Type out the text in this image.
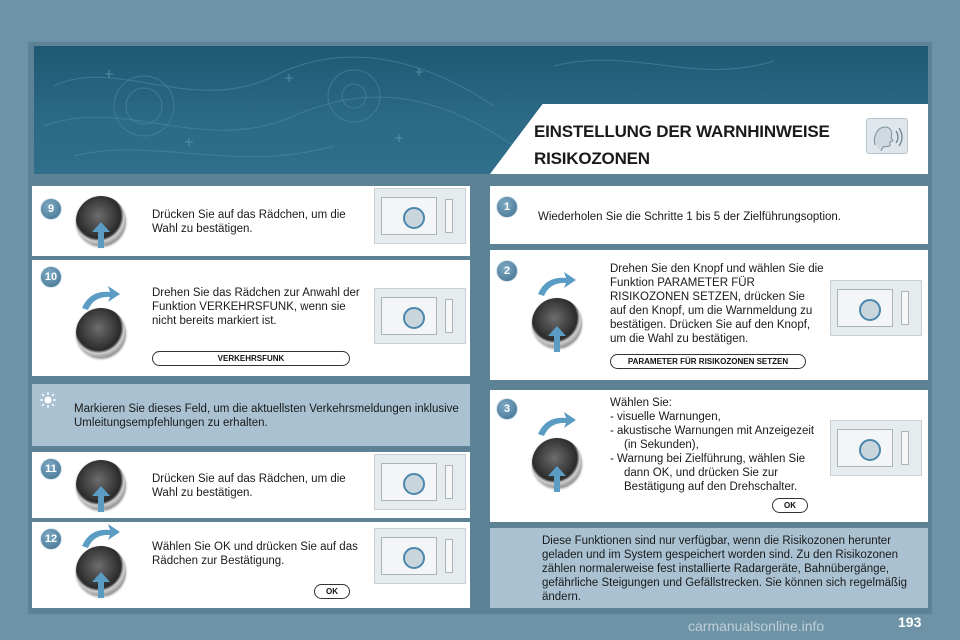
+	+	+
+	+	EINSTELLUNG DER WARNHINWEISE
RISIKOZONEN
9	Drücken Sie auf das Rädchen, um die Wahl zu bestätigen.
10
Drehen Sie das Rädchen zur Anwahl der Funktion VERKEHRSFUNK, wenn sie nicht bereits markiert ist.
VERKEHRSFUNK
Markieren Sie dieses Feld, um die aktuellsten Verkehrsmeldungen inklusive Umleitungsempfehlungen zu erhalten.
11
Drücken Sie auf das Rädchen, um die Wahl zu bestätigen.
12
Wählen Sie OK und drücken Sie auf das Rädchen zur Bestätigung.
OK
1
Wiederholen Sie die Schritte 1 bis 5 der Zielführungsoption.
2	Drehen Sie den Knopf und wählen Sie die Funktion PARAMETER FÜR RISIKOZONEN SETZEN, drücken Sie auf den Knopf, um die Warnmeldung zu bestätigen. Drücken Sie auf den Knopf, um die Wahl zu bestätigen.
PARAMETER FÜR RISIKOZONEN SETZEN
3	Wählen Sie:
- visuelle Warnungen,
- akustische Warnungen mit Anzeigezeit (in Sekunden),
- Warnung bei Zielführung, wählen Sie dann OK, und drücken Sie zur Bestätigung auf den Drehschalter.
OK
Diese Funktionen sind nur verfügbar, wenn die Risikozonen herunter geladen und im System gespeichert worden sind. Zu den Risikozonen zählen normalerweise fest installierte Radargeräte, Bahnübergänge, gefährliche Steigungen und Gefällstrecken. Sie können sich regelmäßig ändern.
carmanualsonline.info	193
